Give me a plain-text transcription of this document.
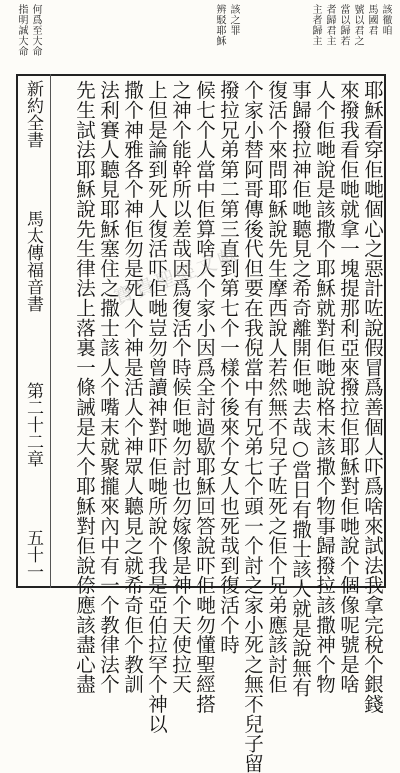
該徹咱
馬國君
號以君之
當以歸若
者歸君主
主者歸主
該之罪
辨駁耶穌
何爲至大命
指明誠大命
耶穌看穿佢哋個心之惡計咗說假冒爲善個人吓爲啥來試法我拿完稅个銀錢
來撥我看佢哋就拿一塊提那利亞來撥拉佢耶穌對佢哋說个個像呢號是啥
人个佢哋說是該撒个耶穌就對佢哋說格末該撒个物事歸撥拉該撒神个物
事歸撥拉神佢哋聽見之希奇離開佢哋去哉○當日有撒士該人就是說無有
復活个來問耶穌說先生摩西說人若然無不兒子咗死之佢个兄弟應該討佢
个家小替阿哥傳後代但要在我倪當中有兄弟七个頭一个討之家小死之無不兒子留
撥拉兄弟第二第三直到第七个一樣个後來个女人也死哉到復活个時
候七个人當中佢算啥人个家小因爲全討過歇耶穌回答說吓佢哋勿懂聖經搭
之神个能幹所以差哉因爲復活个時候佢哋勿討也勿嫁像是神个天使拉天
上但是論到死人復活吓佢哋豈勿曾讀神對吓佢哋所說个我是亞伯拉罕个神以
撒个神雅各个神佢勿是死人个神是活人个神眾人聽見之就希奇佢个教訓
法利賽人聽見耶穌塞住之撒士該人个嘴末就聚攏來內中有一个教律法个
先生試法耶穌說先生律法上落裏一條誡是大个耶穌對佢說倷應該盡心盡
新約全書馬太傳福音書第二十二章五十一
寶貴聖經文獻
